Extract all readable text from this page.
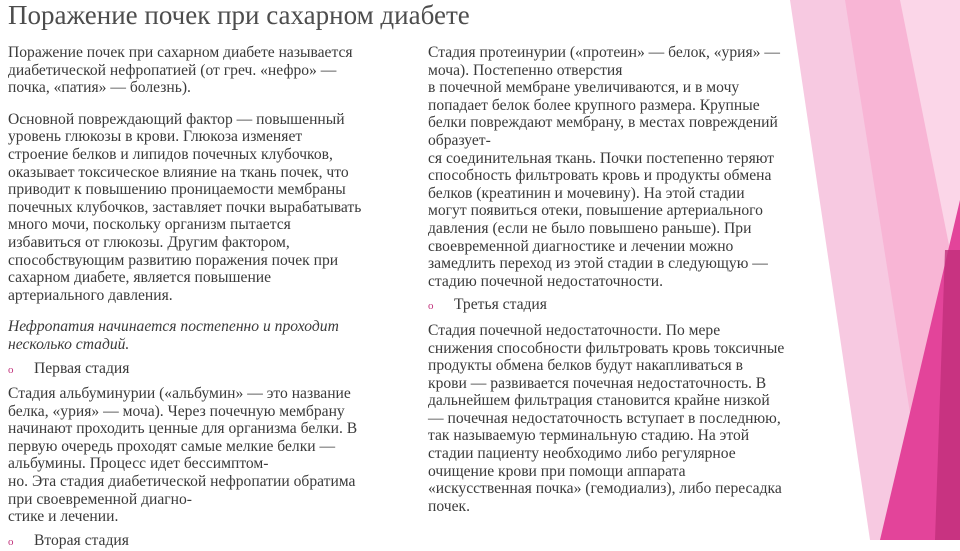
Поражение почек при сахарном диабете

Поражение почек при сахарном диабете называется
диабетической нефропатией (от греч. «нефро» —
почка, «патия» — болезнь).

Основной повреждающий фактор — повышенный
уровень глюкозы в крови. Глюкоза изменяет
строение белков и липидов почечных клубочков,
оказывает токсическое влияние на ткань почек, что
приводит к повышению проницаемости мембраны
почечных клубочков, заставляет почки вырабатывать
много мочи, поскольку организм пытается
избавиться от глюкозы. Другим фактором,
способствующим развитию поражения почек при
сахарном диабете, является повышение
артериального давления.

Нефропатия начинается постепенно и проходит
несколько стадий.

o	Первая стадия

Стадия альбуминурии («альбумин» — это название
белка, «урия» — моча). Через почечную мембрану
начинают проходить ценные для организма белки. В
первую очередь проходят самые мелкие белки —
альбумины. Процесс идет бессимптом-
но. Эта стадия диабетической нефропатии обратима
при своевременной диагно-
стике и лечении.

o	Вторая стадия

Стадия протеинурии («протеин» — белок, «урия» —
моча). Постепенно отверстия
в почечной мембране увеличиваются, и в мочу
попадает белок более крупного размера. Крупные
белки повреждают мембрану, в местах повреждений
образует-
ся соединительная ткань. Почки постепенно теряют
способность фильтровать кровь и продукты обмена
белков (креатинин и мочевину). На этой стадии
могут появиться отеки, повышение артериального
давления (если не было повышено раньше). При
своевременной диагностике и лечении можно
замедлить переход из этой стадии в следующую —
стадию почечной недостаточности.

o	Третья стадия

Стадия почечной недостаточности. По мере
снижения способности фильтровать кровь токсичные
продукты обмена белков будут накапливаться в
крови — развивается почечная недостаточность. В
дальнейшем фильтрация становится крайне низкой
— почечная недостаточность вступает в последнюю,
так называемую терминальную стадию. На этой
стадии пациенту необходимо либо регулярное
очищение крови при помощи аппарата
«искусственная почка» (гемодиализ), либо пересадка
почек.
